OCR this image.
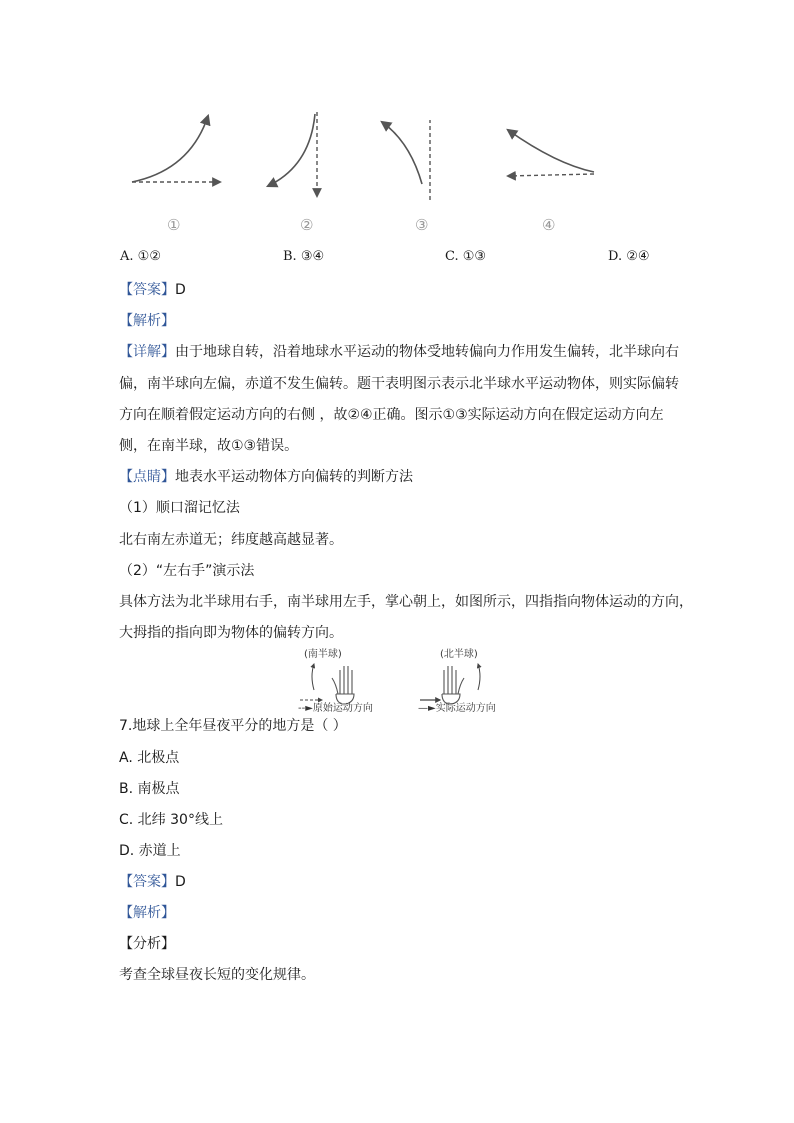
①	②	③	④
A. ①②	B. ③④	C. ①③	D. ②④
【答案】D
【解析】
【详解】由于地球自转，沿着地球水平运动的物体受地转偏向力作用发生偏转，北半球向右
偏，南半球向左偏，赤道不发生偏转。题干表明图示表示北半球水平运动物体，则实际偏转
方向在顺着假定运动方向的右侧 ，故②④正确。图示①③实际运动方向在假定运动方向左
侧，在南半球，故①③错误。
【点睛】地表水平运动物体方向偏转的判断方法
（1）顺口溜记忆法
北右南左赤道无；纬度越高越显著。
（2）“左右手”演示法
具体方法为北半球用右手，南半球用左手，掌心朝上，如图所示，四指指向物体运动的方向，
大拇指的指向即为物体的偏转方向。
(南半球)
--►原始运动方向
(北半球)
—►实际运动方向
7.地球上全年昼夜平分的地方是（ ）
A. 北极点
B. 南极点
C. 北纬 30°线上
D. 赤道上
【答案】D
【解析】
【分析】
考查全球昼夜长短的变化规律。
